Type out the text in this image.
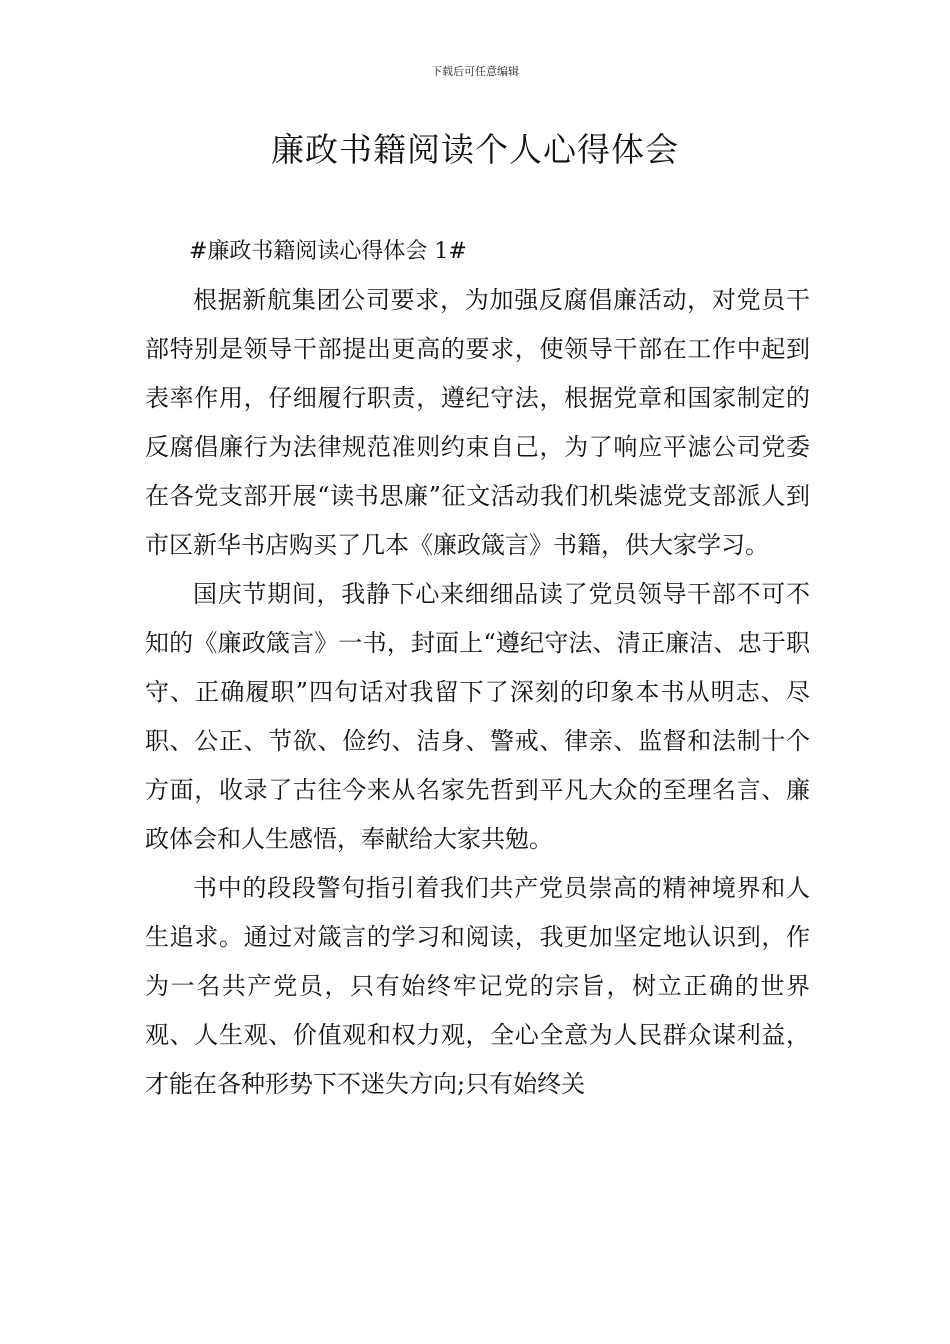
下载后可任意编辑
廉政书籍阅读个人心得体会

#廉政书籍阅读心得体会 1#

根据新航集团公司要求，为加强反腐倡廉活动，对党员干部特别是领导干部提出更高的要求，使领导干部在工作中起到表率作用，仔细履行职责，遵纪守法，根据党章和国家制定的反腐倡廉行为法律规范准则约束自己，为了响应平滤公司党委在各党支部开展“读书思廉”征文活动我们机柴滤党支部派人到市区新华书店购买了几本《廉政箴言》书籍，供大家学习。

国庆节期间，我静下心来细细品读了党员领导干部不可不知的《廉政箴言》一书，封面上“遵纪守法、清正廉洁、忠于职守、正确履职”四句话对我留下了深刻的印象本书从明志、尽职、公正、节欲、俭约、洁身、警戒、律亲、监督和法制十个方面，收录了古往今来从名家先哲到平凡大众的至理名言、廉政体会和人生感悟，奉献给大家共勉。

书中的段段警句指引着我们共产党员崇高的精神境界和人生追求。通过对箴言的学习和阅读，我更加坚定地认识到，作为一名共产党员，只有始终牢记党的宗旨，树立正确的世界观、人生观、价值观和权力观，全心全意为人民群众谋利益，才能在各种形势下不迷失方向;只有始终关
